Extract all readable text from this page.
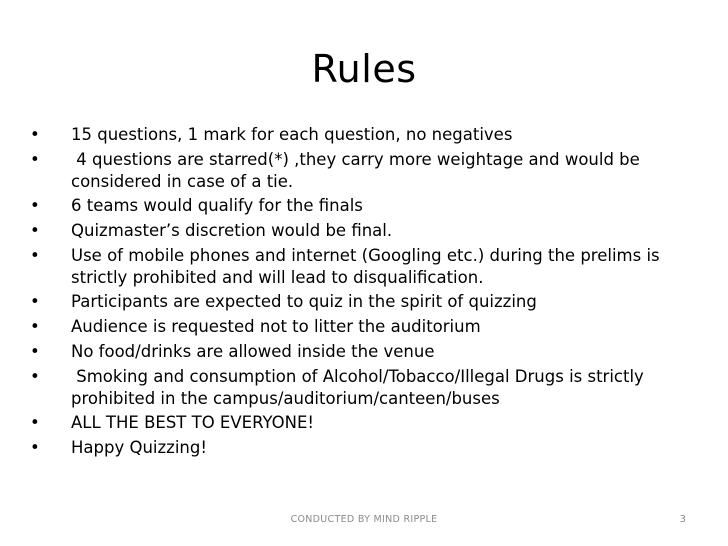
Rules
• 15 questions, 1 mark for each question, no negatives
• 4 questions are starred(*) ,they carry more weightage and would be considered in case of a tie.
• 6 teams would qualify for the finals
• Quizmaster’s discretion would be final.
• Use of mobile phones and internet (Googling etc.) during the prelims is strictly prohibited and will lead to disqualification.
• Participants are expected to quiz in the spirit of quizzing
• Audience is requested not to litter the auditorium
• No food/drinks are allowed inside the venue
• Smoking and consumption of Alcohol/Tobacco/Illegal Drugs is strictly prohibited in the campus/auditorium/canteen/buses
• ALL THE BEST TO EVERYONE!
• Happy Quizzing!
CONDUCTED BY MIND RIPPLE	3
